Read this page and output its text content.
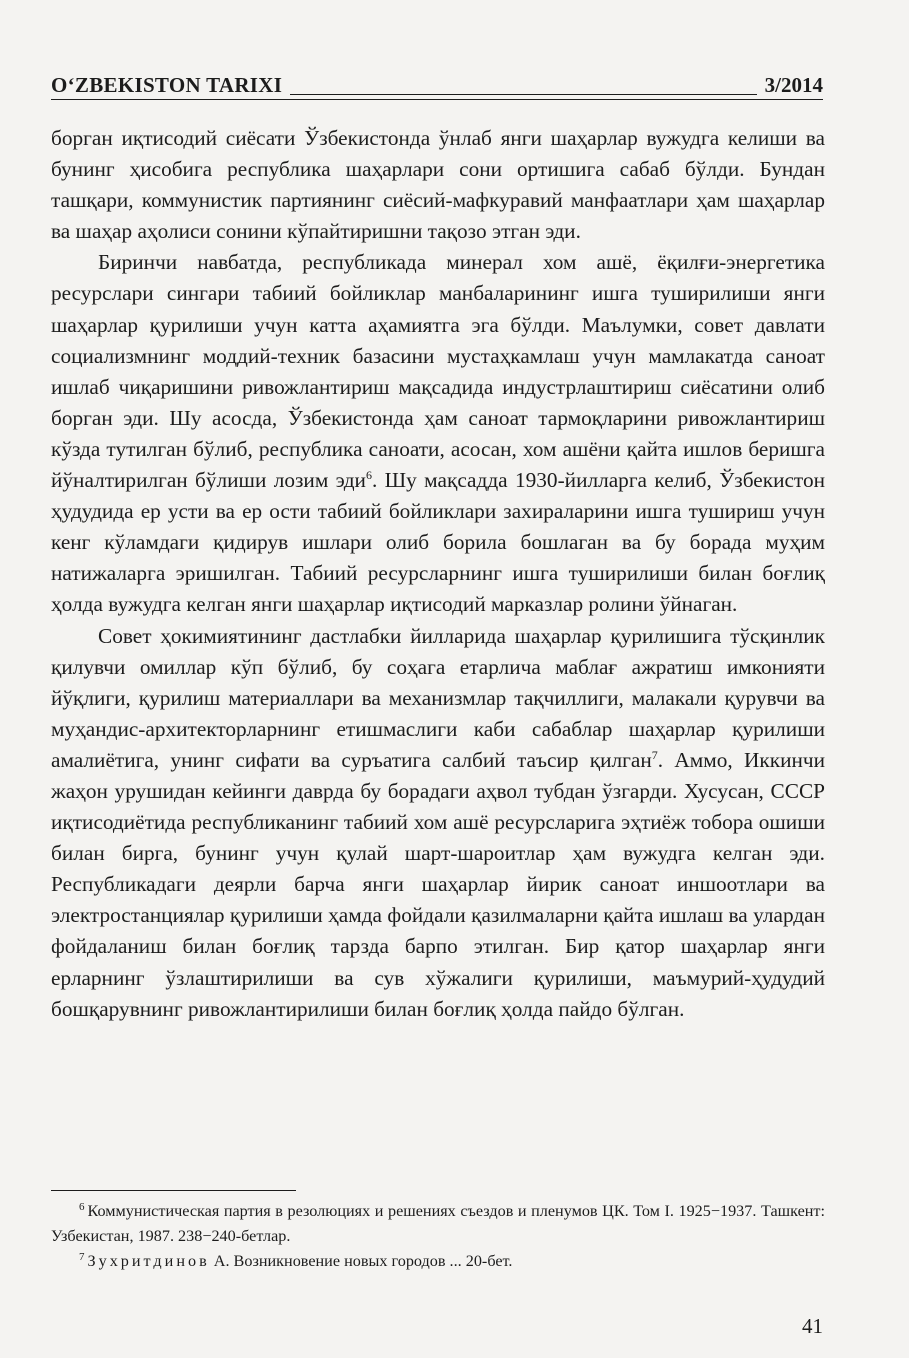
O‘ZBEKISTON TARIXI	3/2014

борган иқтисодий сиёсати Ўзбекистонда ўнлаб янги шаҳарлар вужудга келиши ва бунинг ҳисобига республика шаҳарлари сони ортишига сабаб бўлди. Бундан ташқари, коммунистик партиянинг сиёсий-мафкуравий манфаатлари ҳам шаҳарлар ва шаҳар аҳолиси сонини кўпайтиришни тақозо этган эди.

Биринчи навбатда, республикада минерал хом ашё, ёқилғи-энергетика ресурслари сингари табиий бойликлар манбаларининг ишга туширилиши янги шаҳарлар қурилиши учун катта аҳамиятга эга бўлди. Маълумки, совет давлати социализмнинг моддий-техник базасини мустаҳкамлаш учун мамлакатда саноат ишлаб чиқаришини ривожлантириш мақсадида индустрлаштириш сиёсатини олиб борган эди. Шу асосда, Ўзбекистонда ҳам саноат тармоқларини ривожлантириш кўзда тутилган бўлиб, республика саноати, асосан, хом ашёни қайта ишлов беришга йўналтирилган бўлиши лозим эди$^6$. Шу мақсадда 1930-йилларга келиб, Ўзбекистон ҳудудида ер усти ва ер ости табиий бойликлари захираларини ишга тушириш учун кенг кўламдаги қидирув ишлари олиб борила бошлаган ва бу борада муҳим натижаларга эришилган. Табиий ресурсларнинг ишга туширилиши билан боғлиқ ҳолда вужудга келган янги шаҳарлар иқтисодий марказлар ролини ўйнаган.

Совет ҳокимиятининг дастлабки йилларида шаҳарлар қурилишига тўсқинлик қилувчи омиллар кўп бўлиб, бу соҳага етарлича маблағ ажратиш имконияти йўқлиги, қурилиш материаллари ва механизмлар тақчиллиги, малакали қурувчи ва муҳандис-архитекторларнинг етишмаслиги каби сабаблар шаҳарлар қурилиши амалиётига, унинг сифати ва суръатига салбий таъсир қилган$^7$. Аммо, Иккинчи жаҳон урушидан кейинги даврда бу борадаги аҳвол тубдан ўзгарди. Хусусан, СССР иқтисодиётида республиканинг табиий хом ашё ресурсларига эҳтиёж тобора ошиши билан бирга, бунинг учун қулай шарт-шароитлар ҳам вужудга келган эди. Республикадаги деярли барча янги шаҳарлар йирик саноат иншоотлари ва электростанциялар қурилиши ҳамда фойдали қазилмаларни қайта ишлаш ва улардан фойдаланиш билан боғлиқ тарзда барпо этилган. Бир қатор шаҳарлар янги ерларнинг ўзлаштирилиши ва сув хўжалиги қурилиши, маъмурий-ҳудудий бошқарувнинг ривожлантирилиши билан боғлиқ ҳолда пайдо бўлган.

$^6$ Коммунистическая партия в резолюциях и решениях съездов и пленумов ЦК. Том I. 1925−1937. Ташкент: Узбекистан, 1987. 238−240-бетлар.

$^7$ Зухритдинов А. Возникновение новых городов ... 20-бет.

41
